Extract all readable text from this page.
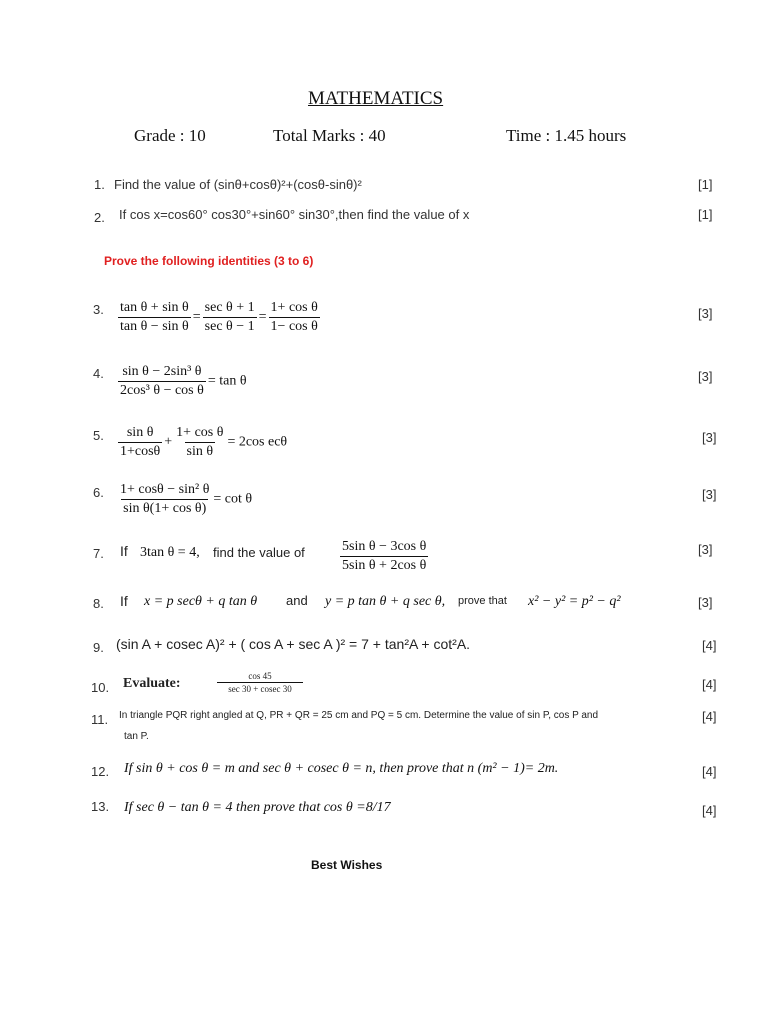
MATHEMATICS
Grade : 10	Total Marks : 40	Time : 1.45 hours
1. Find the value of (sinθ+cosθ)²+(cosθ-sinθ)²	[1]
2. If cos x=cos60° cos30°+sin60° sin30°,then find the value of x	[1]
Prove the following identities (3 to 6)
3. $\frac{\text{tan θ + sin θ}}{\text{tan θ − sin θ}} = \frac{\text{sec θ + 1}}{\text{sec θ − 1}} = \frac{\text{1+ cos θ}}{\text{1− cos θ}}$	[3]
4. $\frac{\text{sin θ − 2sin³ θ}}{\text{2cos³ θ − cos θ}} = \tan \theta$	[3]
5. $\frac{\text{sin θ}}{1+\cos\theta} + \frac{\text{1+ cos θ}}{\text{sin θ}} = 2\cos$ ecθ	[3]
6. $\frac{\text{1+ cosθ − sin² θ}}{\text{sin θ(1+ cos θ)}} = \cot \theta$	[3]
7. If 3tan θ = 4, find the value of	$\frac{\text{5sin θ − 3cos θ}}{\text{5sin θ + 2cos θ}}$	[3]
8. If x = p secθ + q tan θ and y = p tan θ + q sec θ, prove that x² − y² = p² − q²	[3]
9. (sin A + cosec A)² + ( cos A + sec A )² = 7 + tan²A + cot²A.	[4]
10. Evaluate:	$\frac{\cos 45}{\sec 30 + cosec 30}$	[4]
11. In triangle PQR right angled at Q, PR + QR = 25 cm and PQ = 5 cm. Determine the value of sin P, cos P and
tan P.
[4]
12. If sin θ + cos θ = m and sec θ + cosec θ = n, then prove that n (m² − 1)= 2m.	[4]
13. If sec θ − tan θ = 4 then prove that cos θ =8/17	[4]
Best Wishes
